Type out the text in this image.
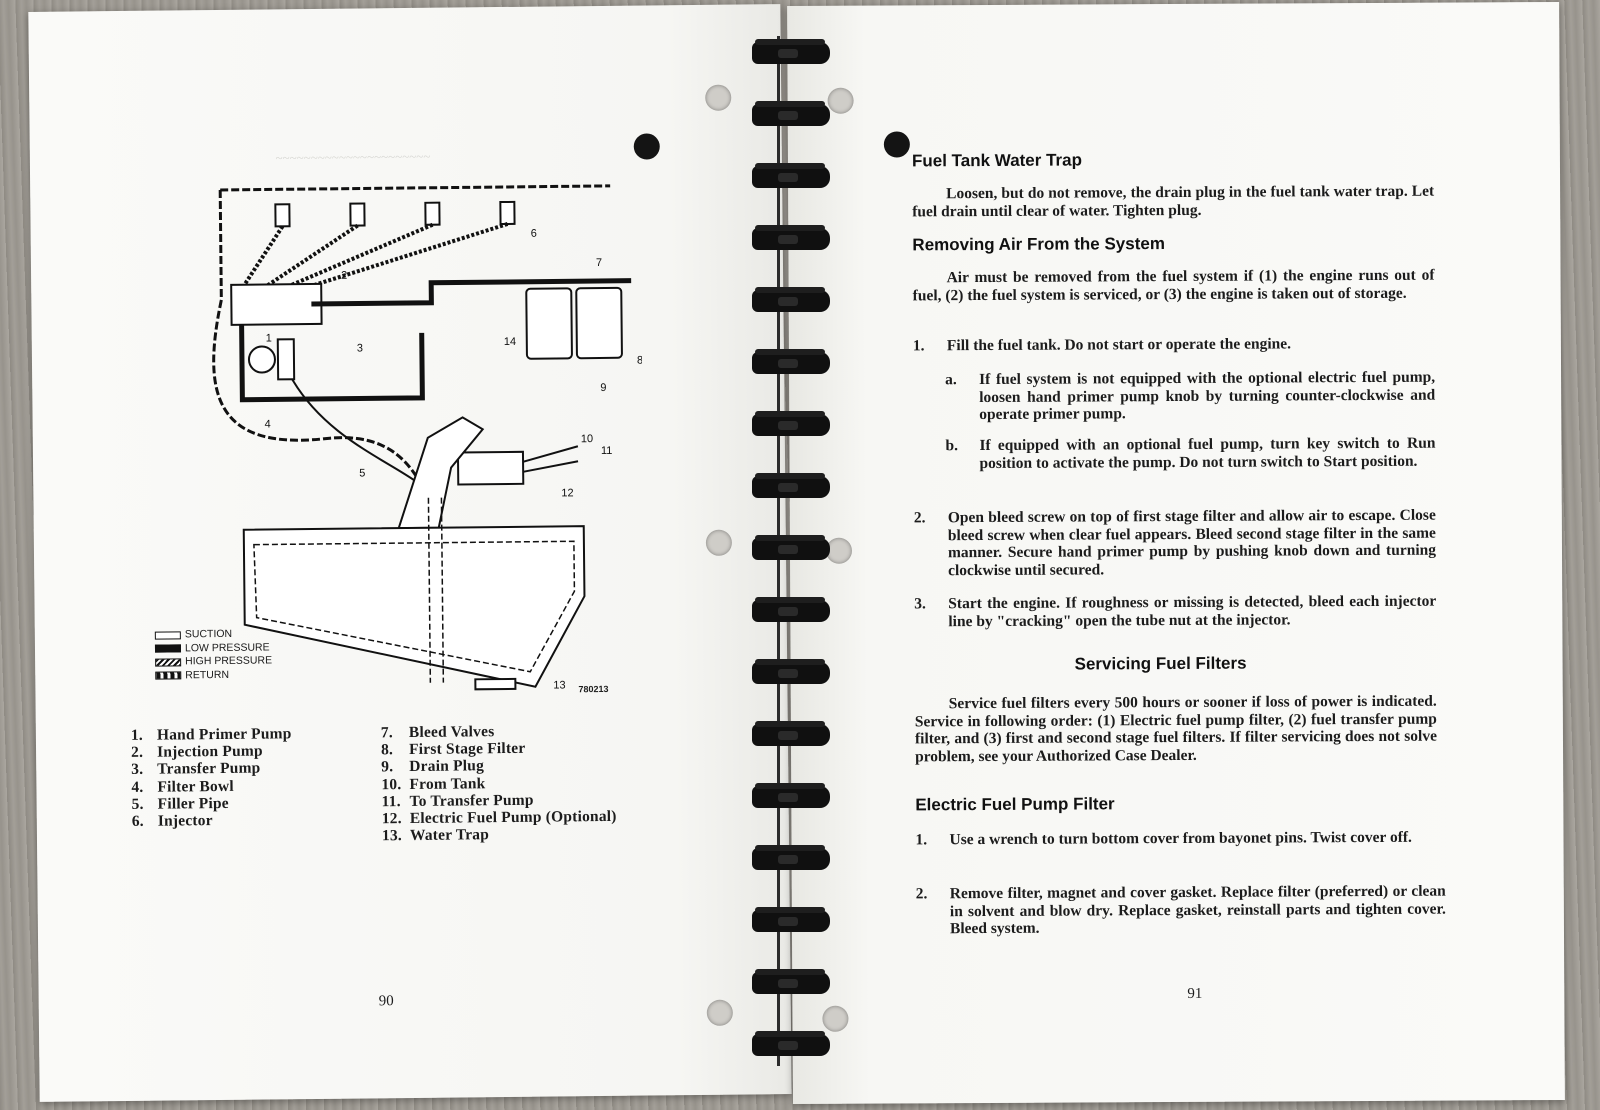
~~~~~~~~~~~~~~~~~~~~~~
1
2
3
4
5
6
7
8
9
10
11
12
13
14
SUCTION
LOW PRESSURE
HIGH PRESSURE
RETURN
780213
1. Hand Primer Pump
2. Injection Pump
3. Transfer Pump
4. Filter Bowl
5. Filler Pipe
6. Injector
7.	Bleed Valves
8.	First Stage Filter
9.	Drain Plug
10. From Tank
11. To Transfer Pump
12. Electric Fuel Pump (Optional)
13. Water Trap
90
Fuel Tank Water Trap
Loosen, but do not remove, the drain plug in the fuel tank water trap. Let fuel drain until clear of water. Tighten plug.
Removing Air From the System
Air must be removed from the fuel system if (1) the engine runs out of fuel, (2) the fuel system is serviced, or (3) the engine is taken out of storage.
1.	Fill the fuel tank. Do not start or operate the engine.
a.	If fuel system is not equipped with the optional electric fuel pump, loosen hand primer pump knob by turning counter-clockwise and operate primer pump.
b.	If equipped with an optional fuel pump, turn key switch to Run position to activate the pump. Do not turn switch to Start position.
2.	Open bleed screw on top of first stage filter and allow air to escape. Close bleed screw when clear fuel appears. Bleed second stage filter in the same manner. Secure hand primer pump by pushing knob down and turning clockwise until secured.
3.	Start the engine. If roughness or missing is detected, bleed each injector line by "cracking" open the tube nut at the injector.
Servicing Fuel Filters
Service fuel filters every 500 hours or sooner if loss of power is indicated. Service in following order: (1) Electric fuel pump filter, (2) fuel transfer pump filter, and (3) first and second stage fuel filters. If filter servicing does not solve problem, see your Authorized Case Dealer.
Electric Fuel Pump Filter
1.	Use a wrench to turn bottom cover from bayonet pins. Twist cover off.
2.	Remove filter, magnet and cover gasket. Replace filter (preferred) or clean in solvent and blow dry. Replace gasket, reinstall parts and tighten cover. Bleed system.
91
